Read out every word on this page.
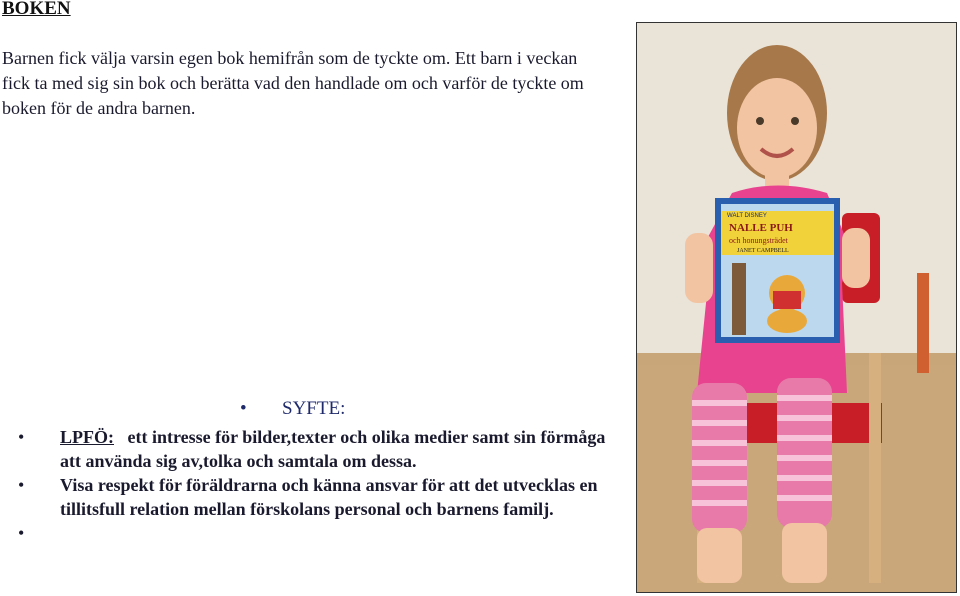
BOKEN
Barnen fick välja varsin egen bok hemifrån som de tyckte om. Ett barn i veckan fick ta med sig sin bok och berätta vad den handlade om och varför de tyckte om boken för de andra barnen.
• SYFTE:
• LPFÖ: ett intresse för bilder,texter och olika medier samt sin förmåga att använda sig av,tolka och samtala om dessa.
• Visa respekt för föräldrarna och känna ansvar för att det utvecklas en tillitsfull relation mellan förskolans personal och barnens familj.
•

WALT DISNEY
NALLE PUH
och honungsträdet
JANET CAMPBELL
